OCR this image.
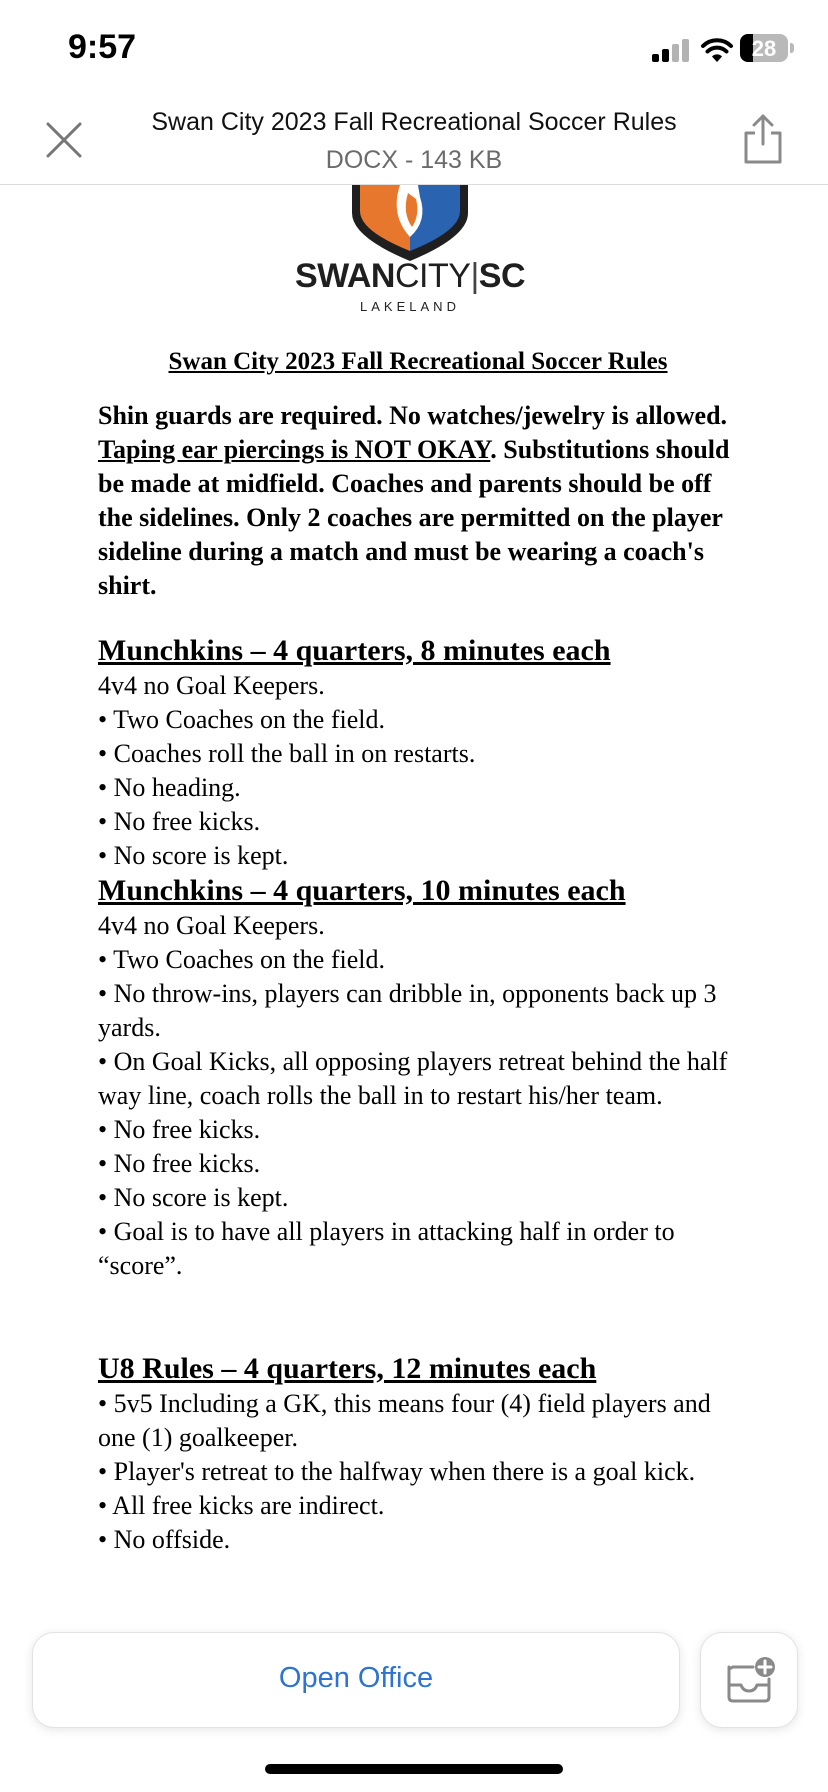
9:57	28
Swan City 2023 Fall Recreational Soccer Rules
DOCX - 143 KB
SWANCITY|SC
LAKELAND
Swan City 2023 Fall Recreational Soccer Rules

Shin guards are required. No watches/jewelry is allowed. Taping ear piercings is NOT OKAY. Substitutions should be made at midfield. Coaches and parents should be off the sidelines. Only 2 coaches are permitted on the player sideline during a match and must be wearing a coach's shirt.

Munchkins – 4 quarters, 8 minutes each

4v4 no Goal Keepers.

• Two Coaches on the field.

• Coaches roll the ball in on restarts.

• No heading.

• No free kicks.

• No score is kept.

Munchkins – 4 quarters, 10 minutes each

4v4 no Goal Keepers.

• Two Coaches on the field.

• No throw-ins, players can dribble in, opponents back up 3 yards.

• On Goal Kicks, all opposing players retreat behind the half way line, coach rolls the ball in to restart his/her team.

• No free kicks.

• No free kicks.

• No score is kept.

• Goal is to have all players in attacking half in order to “score”.

U8 Rules – 4 quarters, 12 minutes each

• 5v5 Including a GK, this means four (4) field players and one (1) goalkeeper.

• Player's retreat to the halfway when there is a goal kick.

• All free kicks are indirect.

• No offside.

Open Office
